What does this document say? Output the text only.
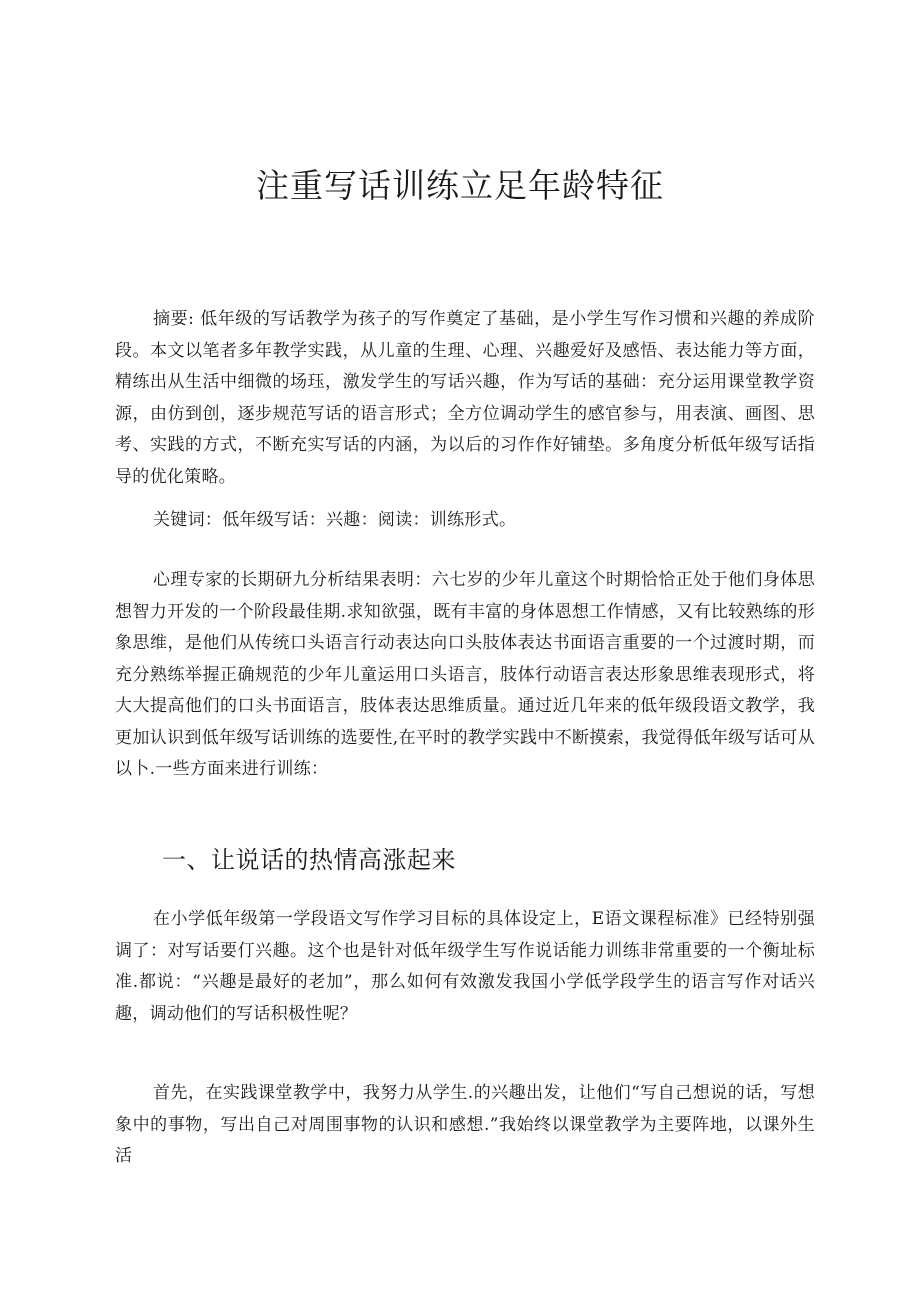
注重写话训练立足年龄特征

摘要: 低年级的写话教学为孩子的写作奠定了基础，是小学生写作习惯和兴趣的养成阶段。本文以笔者多年教学实践，从儿童的生理、心理、兴趣爱好及感悟、表达能力等方面，精练出从生活中细微的场珏，激发学生的写话兴趣，作为写话的基础：充分运用课堂教学资源，由仿到创，逐步规范写话的语言形式；全方位调动学生的感官参与，用表演、画图、思考、实践的方式，不断充实写话的内涵，为以后的习作作好铺垫。多角度分析低年级写话指导的优化策略。

关键词：低年级写话：兴趣：阅读：训练形式。

心理专家的长期研九分析结果表明：六七岁的少年儿童这个时期恰恰正处于他们身体思想智力开发的一个阶段最佳期.求知欲强，既有丰富的身体恩想工作情感，又有比较熟练的形象思维，是他们从传统口头语言行动表达向口头肢体表达书面语言重要的一个过渡时期，而充分熟练举握正确规范的少年儿童运用口头语言，肢体行动语言表达形象思维表现形式，将大大提高他们的口头书面语言，肢体表达思维质量。通过近几年来的低年级段语文教学，我更加认识到低年级写话训练的选要性,在平时的教学实践中不断摸索，我觉得低年级写话可从以卜.一些方面来进行训练：

一、让说话的热情高涨起来

在小学低年级第一学段语文写作学习目标的具体设定上，E语文课程标准》已经特别强调了：对写话要仃兴趣。这个也是针对低年级学生写作说话能力训练非常重要的一个衡址标准.都说：“兴趣是最好的老加”，那么如何有效激发我国小学低学段学生的语言写作对话兴趣，调动他们的写话积极性呢？

首先，在实践课堂教学中，我努力从学生.的兴趣出发，让他们“写自己想说的话，写想象中的事物，写出自己对周围事物的认识和感想.”我始终以课堂教学为主要阵地，以课外生活
